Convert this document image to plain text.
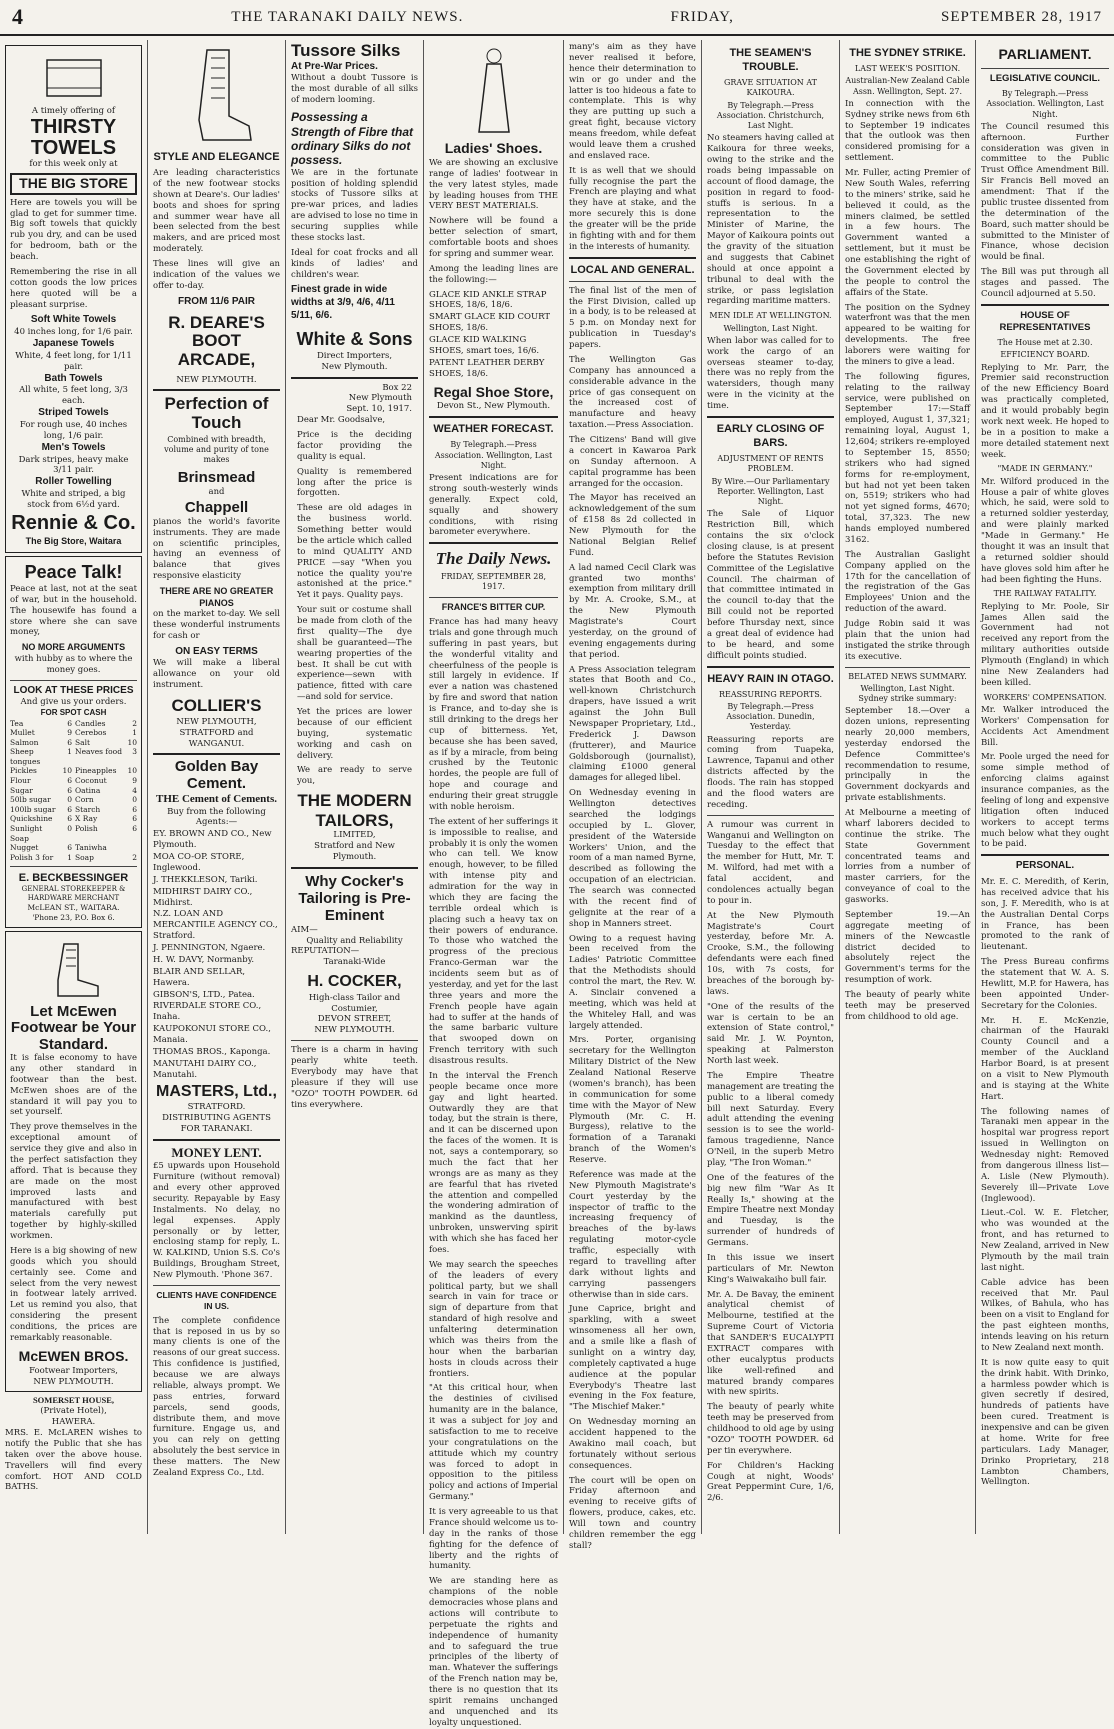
4	THE TARANAKI DAILY NEWS.	FRIDAY,	SEPTEMBER 28, 1917
A timely offering of
THIRSTY TOWELS
for this week only at
THE BIG STORE

Here are towels you will be glad to get for summer time. Big soft towels that quickly rub you dry, and can be used for bedroom, bath or the beach.

Remembering the rise in all cotton goods the low prices here quoted will be a pleasant surprise.

Soft White Towels
40 inches long, for 1/6 pair.
Japanese Towels
White, 4 feet long, for 1/11 pair.
Bath Towels
All white, 5 feet long, 3/3 each.
Striped Towels
For rough use, 40 inches long, 1/6 pair.
Men's Towels
Dark stripes, heavy make 3/11 pair.
Roller Towelling
White and striped, a big stock from 6½d yard.
Rennie & Co.
The Big Store, Waitara
Peace Talk!

Peace at last, not at the seat of war, but in the household. The housewife has found a store where she can save money,

NO MORE ARGUMENTS
with hubby as to where the money goes.
LOOK AT THESE PRICES
And give us your orders.
FOR SPOT CASH
Tea	6 Candles	2
Mullet	9 Cerebos	1
Salmon	6 Salt	10
Sheep tongues
1 Neaves food	3
Pickles	10 Pineapples	10
Flour	6 Coconut	9
Sugar	6 Oatina	4
50lb sugar	0 Corn	0
100lb sugar	6 Starch	6
Quickshine	6 X Ray	6
Sunlight Soap
0 Polish	6
Nugget	6 Taniwha
Polish 3 for	1 Soap	2
E. BECKBESSINGER
GENERAL STOREKEEPER & HARDWARE MERCHANT
McLEAN ST., WAITARA.
'Phone 23, P.O. Box 6.
Let McEwen Footwear be Your Standard.

It is false economy to have any other standard in footwear than the best. McEwen shoes are of the standard it will pay you to set yourself.

They prove themselves in the exceptional amount of service they give and also in the perfect satisfaction they afford. That is because they are made on the most improved lasts and manufactured with best materials carefully put together by highly-skilled workmen.

Here is a big showing of new goods which you should certainly see. Come and select from the very newest in footwear lately arrived. Let us remind you also, that considering the present conditions, the prices are remarkably reasonable.

McEWEN BROS.
Footwear Importers,
NEW PLYMOUTH.
SOMERSET HOUSE,
(Private Hotel),
HAWERA.

MRS. E. McLAREN wishes to notify the Public that she has taken over the above house. Travellers will find every comfort. HOT AND COLD BATHS.

STYLE AND ELEGANCE

Are leading characteristics of the new footwear stocks shown at Deare's. Our ladies' boots and shoes for spring and summer wear have all been selected from the best makers, and are priced most moderately.

These lines will give an indication of the values we offer to-day.

FROM 11/6 PAIR
R. DEARE'S BOOT ARCADE,
NEW PLYMOUTH.
Perfection of Touch
Combined with breadth, volume and purity of tone makes
Brinsmead
and
Chappell

pianos the world's favorite instruments. They are made on scientific principles, having an evenness of balance that gives responsive elasticity

THERE ARE NO GREATER PIANOS

on the market to-day. We sell these wonderful instruments for cash or

ON EASY TERMS

We will make a liberal allowance on your old instrument.

COLLIER'S
NEW PLYMOUTH, STRATFORD and WANGANUI.
Golden Bay Cement.
THE Cement of Cements.
Buy from the following Agents:—
EY. BROWN AND CO., New Plymouth.
MOA CO-OP. STORE, Inglewood.
J. THEKKLESON, Tariki.
MIDHIRST DAIRY CO., Midhirst.
N.Z. LOAN AND MERCANTILE AGENCY CO., Stratford.
J. PENNINGTON, Ngaere.
H. W. DAVY, Normanby.
BLAIR AND SELLAR, Hawera.
GIBSON'S, LTD., Patea.
RIVERDALE STORE CO., Inaha.
KAUPOKONUI STORE CO., Manaia.
THOMAS BROS., Kaponga.
MANUTAHI DAIRY CO., Manutahi.
MASTERS, Ltd.,
STRATFORD.
DISTRIBUTING AGENTS FOR TARANAKI.
MONEY LENT.

£5 upwards upon Household Furniture (without removal) and every other approved security. Repayable by Easy Instalments. No delay, no legal expenses. Apply personally or by letter, enclosing stamp for reply, L. W. KALKIND, Union S.S. Co's Buildings, Brougham Street, New Plymouth. 'Phone 367.

CLIENTS HAVE CONFIDENCE IN US.

The complete confidence that is reposed in us by so many clients is one of the reasons of our great success. This confidence is justified, because we are always reliable, always prompt. We pass entries, forward parcels, send goods, distribute them, and move furniture. Engage us, and you can rely on getting absolutely the best service in these matters. The New Zealand Express Co., Ltd.

Tussore Silks
At Pre-War Prices.

Without a doubt Tussore is the most durable of all silks of modern looming.

Possessing a Strength of Fibre that ordinary Silks do not possess.

We are in the fortunate position of holding splendid stocks of Tussore silks at pre-war prices, and ladies are advised to lose no time in securing supplies while these stocks last.

Ideal for coat frocks and all kinds of ladies' and children's wear.

Finest grade in wide widths at 3/9, 4/6, 4/11 5/11, 6/6.
White & Sons
Direct Importers,
New Plymouth.
Box 22
New Plymouth
Sept. 10, 1917.

Dear Mr. Goodsalve,

Price is the deciding factor providing the quality is equal.

Quality is remembered long after the price is forgotten.

These are old adages in the business world. Something better would be the article which called to mind QUALITY AND PRICE —say "When you notice the quality you're astonished at the price." Yet it pays. Quality pays.

Your suit or costume shall be made from cloth of the first quality—The dye shall be guaranteed—The wearing properties of the best. It shall be cut with experience—sewn with patience, fitted with care—and sold for service.

Yet the prices are lower because of our efficient buying, systematic working and cash on delivery.

We are ready to serve you,

THE MODERN TAILORS,
LIMITED,
Stratford and New Plymouth.
Why Cocker's Tailoring is Pre-Eminent
AIM—
Quality and Reliability
REPUTATION—
Taranaki-Wide
H. COCKER,
High-class Tailor and Costumier,
DEVON STREET,
NEW PLYMOUTH.

There is a charm in having pearly white teeth. Everybody may have that pleasure if they will use "OZO" TOOTH POWDER. 6d tins everywhere.

Ladies' Shoes.

We are showing an exclusive range of ladies' footwear in the very latest styles, made by leading houses from THE VERY BEST MATERIALS.

Nowhere will be found a better selection of smart, comfortable boots and shoes for spring and summer wear.

Among the leading lines are the following:—

GLACE KID ANKLE STRAP SHOES, 18/6, 18/6.
SMART GLACE KID COURT SHOES, 18/6.
GLACE KID WALKING SHOES, smart toes, 16/6.
PATENT LEATHER DERBY SHOES, 18/6.
Regal Shoe Store,
Devon St., New Plymouth.
WEATHER FORECAST.
By Telegraph.—Press Association. Wellington, Last Night.

Present indications are for strong south-westerly winds generally. Expect cold, squally and showery conditions, with rising barometer everywhere.

The Daily News.
FRIDAY, SEPTEMBER 28, 1917.
FRANCE'S BITTER CUP.

France has had many heavy trials and gone through much suffering in past years, but the wonderful vitality and cheerfulness of the people is still largely in evidence. If ever a nation was chastened by fire and sword that nation is France, and to-day she is still drinking to the dregs her cup of bitterness. Yet, because she has been saved, as if by a miracle, from being crushed by the Teutonic hordes, the people are full of hope and courage and enduring their great struggle with noble heroism.

The extent of her sufferings it is impossible to realise, and probably it is only the women who can tell. We know enough, however, to be filled with intense pity and admiration for the way in which they are facing the terrible ordeal which is placing such a heavy tax on their powers of endurance. To those who watched the progress of the precious Franco-German war the incidents seem but as of yesterday, and yet for the last three years and more the French people have again had to suffer at the hands of the same barbaric vulture that swooped down on French territory with such disastrous results.

In the interval the French people became once more gay and light hearted. Outwardly they are that today, but the strain is there, and it can be discerned upon the faces of the women. It is not, says a contemporary, so much the fact that her wrongs are as many as they are fearful that has riveted the attention and compelled the wondering admiration of mankind as the dauntless, unbroken, unswerving spirit with which she has faced her foes.

We may search the speeches of the leaders of every political party, but we shall search in vain for trace or sign of departure from that standard of high resolve and unfaltering determination which was theirs from the hour when the barbarian hosts in clouds across their frontiers.

"At this critical hour, when the destinies of civilised humanity are in the balance, it was a subject for joy and satisfaction to me to receive your congratulations on the attitude which my country was forced to adopt in opposition to the pitiless policy and actions of Imperial Germany."

It is very agreeable to us that France should welcome us to-day in the ranks of those fighting for the defence of liberty and the rights of humanity.

We are standing here as champions of the noble democracies whose plans and actions will contribute to perpetuate the rights and independence of humanity and to safeguard the true principles of the liberty of man. Whatever the sufferings of the French nation may be, there is no question that its spirit remains unchanged and unquenched and its loyalty unquestioned.

many's aim as they have never realised it before, hence their determination to win or go under and the latter is too hideous a fate to contemplate. This is why they are putting up such a great fight, because victory means freedom, while defeat would leave them a crushed and enslaved race.

It is as well that we should fully recognise the part the French are playing and what they have at stake, and the more securely this is done the greater will be the pride in fighting with and for them in the interests of humanity.

LOCAL AND GENERAL.

The final list of the men of the First Division, called up in a body, is to be released at 5 p.m. on Monday next for publication in Tuesday's papers.

The Wellington Gas Company has announced a considerable advance in the price of gas consequent on the increased cost of manufacture and heavy taxation.—Press Association.

The Citizens' Band will give a concert in Kawaroa Park on Sunday afternoon. A capital programme has been arranged for the occasion.

The Mayor has received an acknowledgement of the sum of £158 8s 2d collected in New Plymouth for the National Belgian Relief Fund.

A lad named Cecil Clark was granted two months' exemption from military drill by Mr. A. Crooke, S.M., at the New Plymouth Magistrate's Court yesterday, on the ground of evening engagements during that period.

A Press Association telegram states that Booth and Co., well-known Christchurch drapers, have issued a writ against the John Bull Newspaper Proprietary, Ltd., Frederick J. Dawson (frutterer), and Maurice Goldsborough (journalist), claiming £1000 general damages for alleged libel.

On Wednesday evening in Wellington detectives searched the lodgings occupied by L. Glover, president of the Waterside Workers' Union, and the room of a man named Byrne, described as following the occupation of an electrician. The search was connected with the recent find of gelignite at the rear of a shop in Manners street.

Owing to a request having been received from the Ladies' Patriotic Committee that the Methodists should control the mart, the Rev. W. A. Sinclair convened a meeting, which was held at the Whiteley Hall, and was largely attended.

Mrs. Porter, organising secretary for the Wellington Military District of the New Zealand National Reserve (women's branch), has been in communication for some time with the Mayor of New Plymouth (Mr. C. H. Burgess), relative to the formation of a Taranaki branch of the Women's Reserve.

Reference was made at the New Plymouth Magistrate's Court yesterday by the inspector of traffic to the increasing frequency of breaches of the by-laws regulating motor-cycle traffic, especially with regard to travelling after dark without lights and carrying passengers otherwise than in side cars.

June Caprice, bright and sparkling, with a sweet winsomeness all her own, and a smile like a flash of sunlight on a wintry day, completely captivated a huge audience at the popular Everybody's Theatre last evening in the Fox feature, "The Mischief Maker."

On Wednesday morning an accident happened to the Awakino mail coach, but fortunately without serious consequences.

The court will be open on Friday afternoon and evening to receive gifts of flowers, produce, cakes, etc. Will town and country children remember the egg stall?

THE SEAMEN'S TROUBLE.
GRAVE SITUATION AT KAIKOURA.
By Telegraph.—Press Association. Christchurch, Last Night.

No steamers having called at Kaikoura for three weeks, owing to the strike and the roads being impassable on account of flood damage, the position in regard to food-stuffs is serious. In a representation to the Minister of Marine, the Mayor of Kaikoura points out the gravity of the situation and suggests that Cabinet should at once appoint a tribunal to deal with the strike, or pass legislation regarding maritime matters.

MEN IDLE AT WELLINGTON.
Wellington, Last Night.

When labor was called for to work the cargo of an overseas steamer to-day, there was no reply from the watersiders, though many were in the vicinity at the time.

EARLY CLOSING OF BARS.
ADJUSTMENT OF RENTS PROBLEM.
By Wire.—Our Parliamentary Reporter. Wellington, Last Night.

The Sale of Liquor Restriction Bill, which contains the six o'clock closing clause, is at present before the Statutes Revision Committee of the Legislative Council. The chairman of that committee intimated in the council to-day that the Bill could not be reported before Thursday next, since a great deal of evidence had to be heard, and some difficult points studied.

HEAVY RAIN IN OTAGO.
REASSURING REPORTS.
By Telegraph.—Press Association. Dunedin, Yesterday.

Reassuring reports are coming from Tuapeka, Lawrence, Tapanui and other districts affected by the floods. The rain has stopped and the flood waters are receding.

A rumour was current in Wanganui and Wellington on Tuesday to the effect that the member for Hutt, Mr. T. M. Wilford, had met with a fatal accident, and condolences actually began to pour in.

At the New Plymouth Magistrate's Court yesterday, before Mr. A. Crooke, S.M., the following defendants were each fined 10s, with 7s costs, for breaches of the borough by-laws.

"One of the results of the war is certain to be an extension of State control," said Mr. J. W. Poynton, speaking at Palmerston North last week.

The Empire Theatre management are treating the public to a liberal comedy bill next Saturday. Every adult attending the evening session is to see the world-famous tragedienne, Nance O'Neil, in the superb Metro play, "The Iron Woman."

One of the features of the big new film "War As It Really Is," showing at the Empire Theatre next Monday and Tuesday, is the surrender of hundreds of Germans.

In this issue we insert particulars of Mr. Newton King's Waiwakaiho bull fair.

Mr. A. De Bavay, the eminent analytical chemist of Melbourne, testified at the Supreme Court of Victoria that SANDER'S EUCALYPTI EXTRACT compares with other eucalyptus products like well-refined and matured brandy compares with new spirits.

The beauty of pearly white teeth may be preserved from childhood to old age by using "OZO" TOOTH POWDER. 6d per tin everywhere.

For Children's Hacking Cough at night, Woods' Great Peppermint Cure, 1/6, 2/6.

THE SYDNEY STRIKE.
LAST WEEK'S POSITION.
Australian-New Zealand Cable Assn. Wellington, Sept. 27.

In connection with the Sydney strike news from 6th to September 19 indicates that the outlook was then considered promising for a settlement.

Mr. Fuller, acting Premier of New South Wales, referring to the miners' strike, said he believed it could, as the miners claimed, be settled in a few hours. The Government wanted a settlement, but it must be one establishing the right of the Government elected by the people to control the affairs of the State.

The position on the Sydney waterfront was that the men appeared to be waiting for developments. The free laborers were waiting for the miners to give a lead.

The following figures, relating to the railway service, were published on September 17:—Staff employed, August 1, 37,321; remaining loyal, August 1, 12,604; strikers re-employed to September 15, 8550; strikers who had signed forms for re-employment, but had not yet been taken on, 5519; strikers who had not yet signed forms, 4670; total, 37,323. The new hands employed numbered 3162.

The Australian Gaslight Company applied on the 17th for the cancellation of the registration of the Gas Employees' Union and the reduction of the award.

Judge Robin said it was plain that the union had instigated the strike through its executive.

BELATED NEWS SUMMARY.
Wellington, Last Night. Sydney strike summary:

September 18.—Over a dozen unions, representing nearly 20,000 members, yesterday endorsed the Defence Committee's recommendation to resume, principally in the Government dockyards and private establishments.

At Melbourne a meeting of wharf laborers decided to continue the strike. The State Government concentrated teams and lorries from a number of master carriers, for the conveyance of coal to the gasworks.

September 19.—An aggregate meeting of miners of the Newcastle district decided to absolutely reject the Government's terms for the resumption of work.

The beauty of pearly white teeth may be preserved from childhood to old age.

PARLIAMENT.
LEGISLATIVE COUNCIL.
By Telegraph.—Press Association. Wellington, Last Night.

The Council resumed this afternoon. Further consideration was given in committee to the Public Trust Office Amendment Bill. Sir Francis Bell moved an amendment: That if the public trustee dissented from the determination of the Board, such matter should be submitted to the Minister of Finance, whose decision would be final.

The Bill was put through all stages and passed. The Council adjourned at 5.50.

HOUSE OF REPRESENTATIVES
The House met at 2.30.
EFFICIENCY BOARD.

Replying to Mr. Parr, the Premier said reconstruction of the new Efficiency Board was practically completed, and it would probably begin work next week. He hoped to be in a position to make a more detailed statement next week.

"MADE IN GERMANY."

Mr. Wilford produced in the House a pair of white gloves which, he said, were sold to a returned soldier yesterday, and were plainly marked "Made in Germany." He thought it was an insult that a returned soldier should have gloves sold him after he had been fighting the Huns.

THE RAILWAY FATALITY.

Replying to Mr. Poole, Sir James Allen said the Government had not received any report from the military authorities outside Plymouth (England) in which nine New Zealanders had been killed.

WORKERS' COMPENSATION.

Mr. Walker introduced the Workers' Compensation for Accidents Act Amendment Bill.

Mr. Poole urged the need for some simple method of enforcing claims against insurance companies, as the feeling of long and expensive litigation often induced workers to accept terms much below what they ought to be paid.

PERSONAL.

Mr. E. C. Meredith, of Kerin, has received advice that his son, J. F. Meredith, who is at the Australian Dental Corps in France, has been promoted to the rank of lieutenant.

The Press Bureau confirms the statement that W. A. S. Hewlitt, M.P. for Hawera, has been appointed Under-Secretary for the Colonies.

Mr. H. E. McKenzie, chairman of the Hauraki County Council and a member of the Auckland Harbor Board, is at present on a visit to New Plymouth and is staying at the White Hart.

The following names of Taranaki men appear in the hospital war progress report issued in Wellington on Wednesday night: Removed from dangerous illness list—A. Lisle (New Plymouth). Severely ill—Private Love (Inglewood).

Lieut.-Col. W. E. Fletcher, who was wounded at the front, and has returned to New Zealand, arrived in New Plymouth by the mail train last night.

Cable advice has been received that Mr. Paul Wilkes, of Bahula, who has been on a visit to England for the past eighteen months, intends leaving on his return to New Zealand next month.

It is now quite easy to quit the drink habit. With Drinko, a harmless powder which is given secretly if desired, hundreds of patients have been cured. Treatment is inexpensive and can be given at home. Write for free particulars. Lady Manager, Drinko Proprietary, 218 Lambton Chambers, Wellington.
